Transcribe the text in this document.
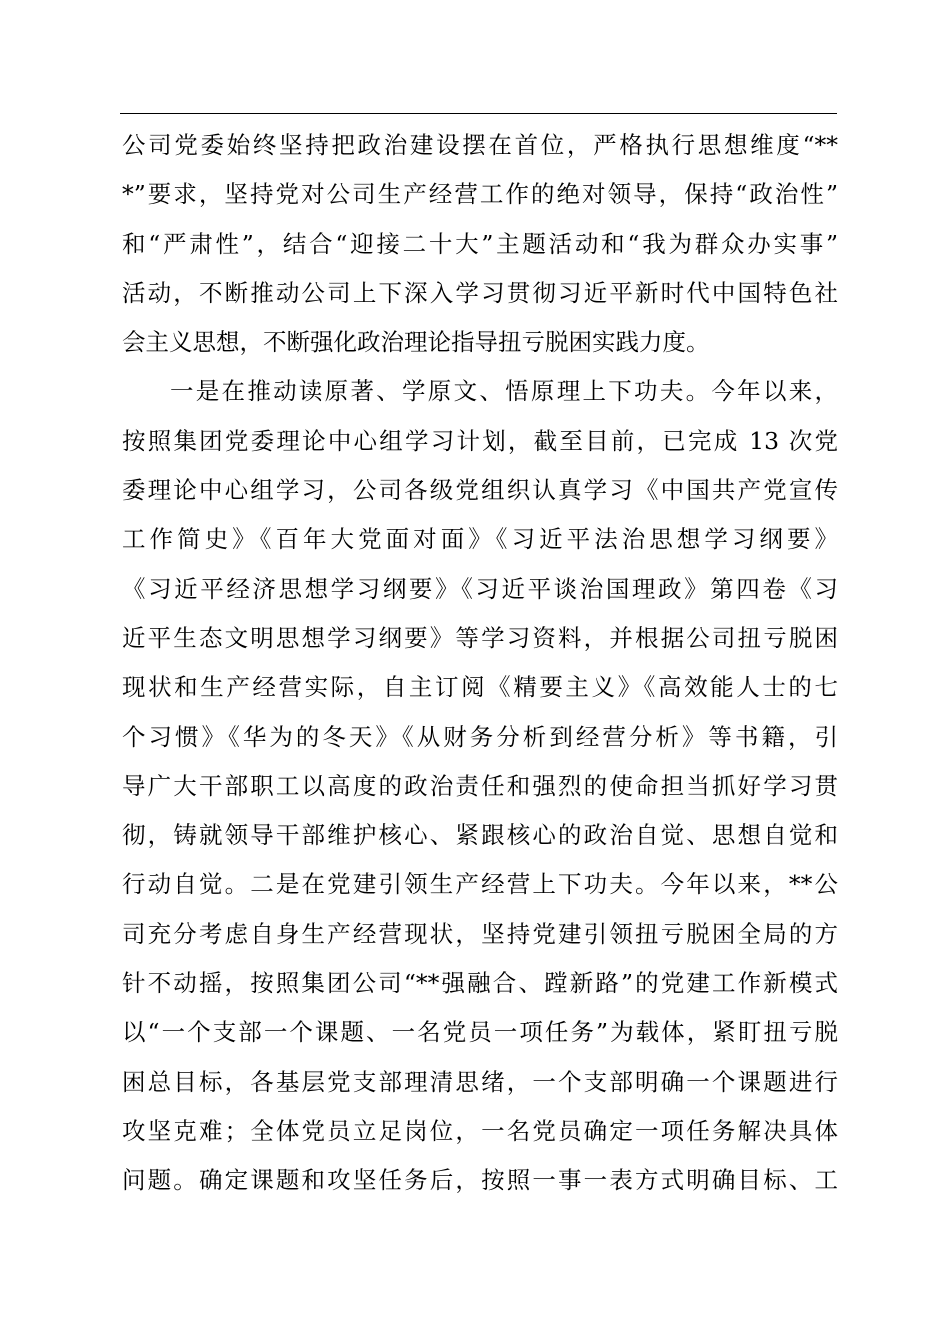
公司党委始终坚持把政治建设摆在首位，严格执行思想维度“**
*”要求，坚持党对公司生产经营工作的绝对领导，保持“政治性”
和“严肃性”，结合“迎接二十大”主题活动和“我为群众办实事”
活动，不断推动公司上下深入学习贯彻习近平新时代中国特色社
会主义思想，不断强化政治理论指导扭亏脱困实践力度。
一是在推动读原著、学原文、悟原理上下功夫。今年以来，
按照集团党委理论中心组学习计划，截至目前，已完成 13 次党
委理论中心组学习，公司各级党组织认真学习《中国共产党宣传
工作简史》《百年大党面对面》《习近平法治思想学习纲要》
《习近平经济思想学习纲要》《习近平谈治国理政》第四卷《习
近平生态文明思想学习纲要》等学习资料，并根据公司扭亏脱困
现状和生产经营实际，自主订阅《精要主义》《高效能人士的七
个习惯》《华为的冬天》《从财务分析到经营分析》等书籍，引
导广大干部职工以高度的政治责任和强烈的使命担当抓好学习贯
彻，铸就领导干部维护核心、紧跟核心的政治自觉、思想自觉和
行动自觉。二是在党建引领生产经营上下功夫。今年以来，**公
司充分考虑自身生产经营现状，坚持党建引领扭亏脱困全局的方
针不动摇，按照集团公司“**强融合、蹚新路”的党建工作新模式
以“一个支部一个课题、一名党员一项任务”为载体，紧盯扭亏脱
困总目标，各基层党支部理清思绪，一个支部明确一个课题进行
攻坚克难；全体党员立足岗位，一名党员确定一项任务解决具体
问题。确定课题和攻坚任务后，按照一事一表方式明确目标、工
